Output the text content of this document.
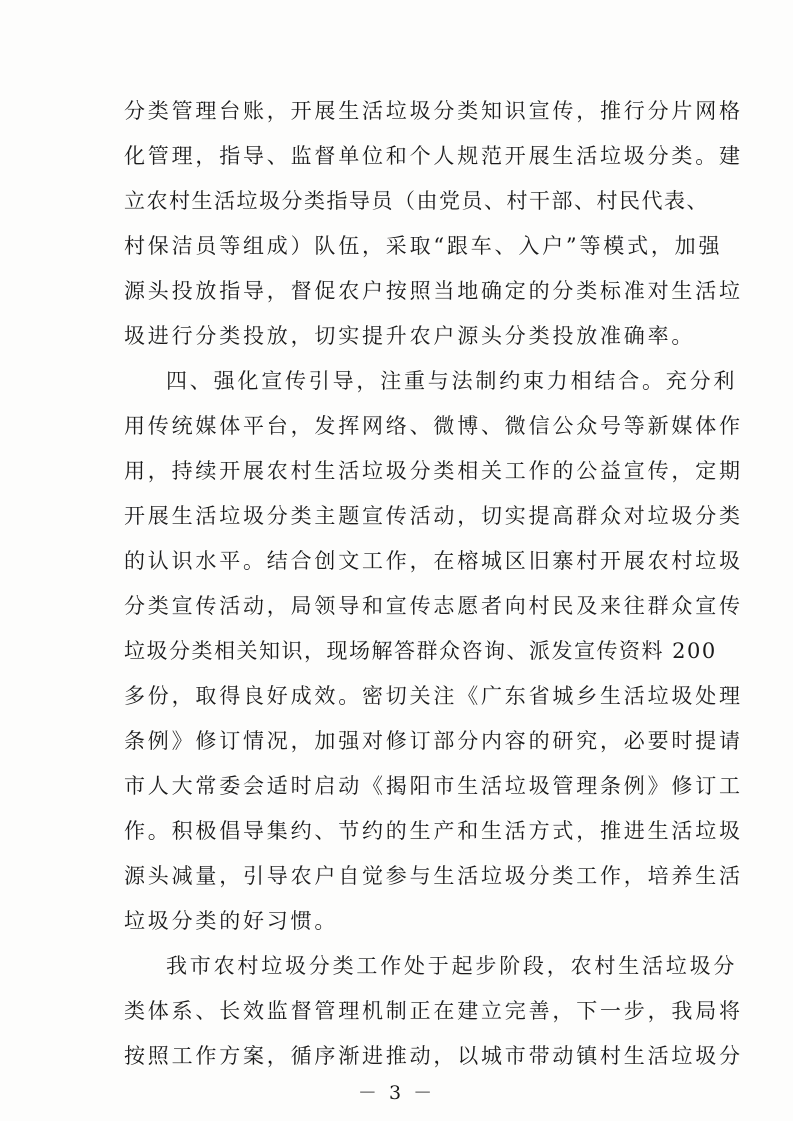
分类管理台账，开展生活垃圾分类知识宣传，推行分片网格
化管理，指导、监督单位和个人规范开展生活垃圾分类。建
立农村生活垃圾分类指导员（由党员、村干部、村民代表、
村保洁员等组成）队伍，采取“跟车、入户”等模式，加强
源头投放指导，督促农户按照当地确定的分类标准对生活垃
圾进行分类投放，切实提升农户源头分类投放准确率。
四、强化宣传引导，注重与法制约束力相结合。充分利
用传统媒体平台，发挥网络、微博、微信公众号等新媒体作
用，持续开展农村生活垃圾分类相关工作的公益宣传，定期
开展生活垃圾分类主题宣传活动，切实提高群众对垃圾分类
的认识水平。结合创文工作，在榕城区旧寨村开展农村垃圾
分类宣传活动，局领导和宣传志愿者向村民及来往群众宣传
垃圾分类相关知识，现场解答群众咨询、派发宣传资料 200
多份，取得良好成效。密切关注《广东省城乡生活垃圾处理
条例》修订情况，加强对修订部分内容的研究，必要时提请
市人大常委会适时启动《揭阳市生活垃圾管理条例》修订工
作。积极倡导集约、节约的生产和生活方式，推进生活垃圾
源头减量，引导农户自觉参与生活垃圾分类工作，培养生活
垃圾分类的好习惯。
我市农村垃圾分类工作处于起步阶段，农村生活垃圾分
类体系、长效监督管理机制正在建立完善，下一步，我局将
按照工作方案，循序渐进推动，以城市带动镇村生活垃圾分
－ 3 －
